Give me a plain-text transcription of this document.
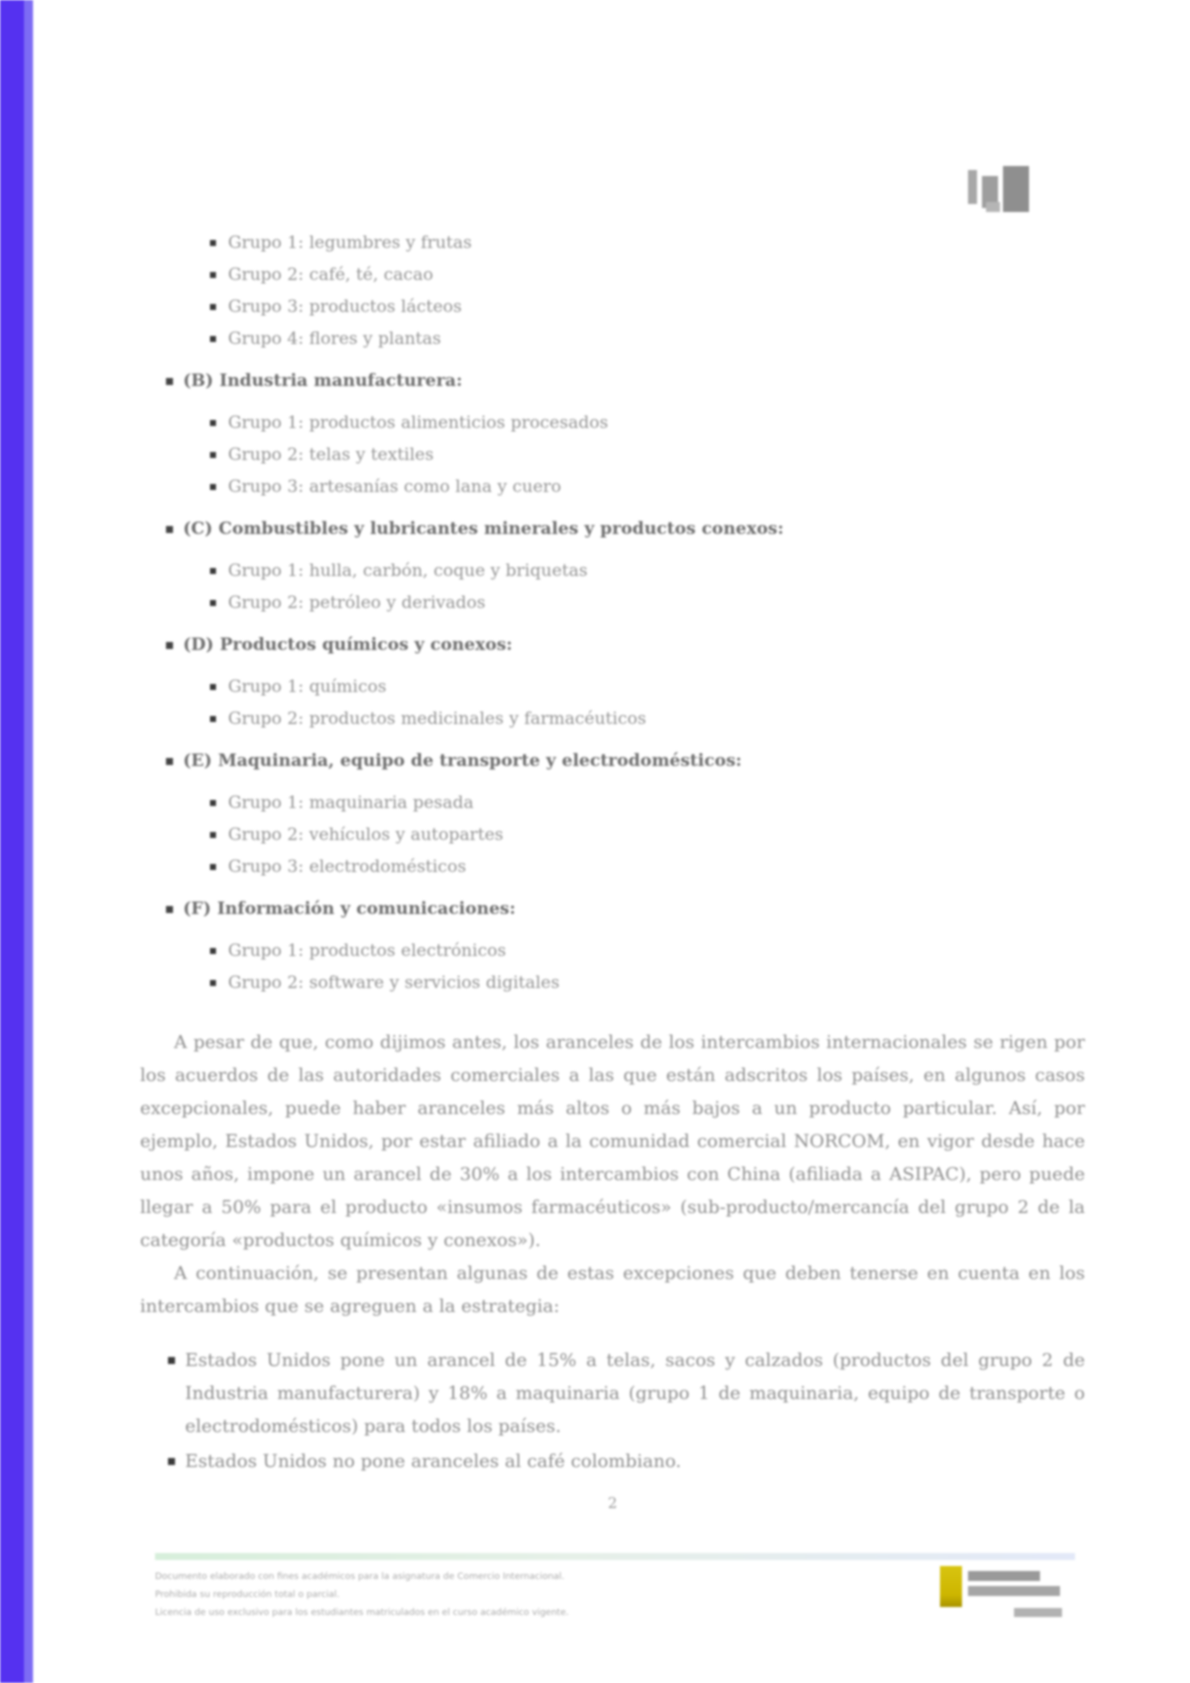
Grupo 1: legumbres y frutas
Grupo 2: café, té, cacao
Grupo 3: productos lácteos
Grupo 4: flores y plantas
(B) Industria manufacturera:
Grupo 1: productos alimenticios procesados
Grupo 2: telas y textiles
Grupo 3: artesanías como lana y cuero
(C) Combustibles y lubricantes minerales y productos conexos:
Grupo 1: hulla, carbón, coque y briquetas
Grupo 2: petróleo y derivados
(D) Productos químicos y conexos:
Grupo 1: químicos
Grupo 2: productos medicinales y farmacéuticos
(E) Maquinaria, equipo de transporte y electrodomésticos:
Grupo 1: maquinaria pesada
Grupo 2: vehículos y autopartes
Grupo 3: electrodomésticos
(F) Información y comunicaciones:
Grupo 1: productos electrónicos
Grupo 2: software y servicios digitales

A pesar de que, como dijimos antes, los aranceles de los intercambios internacionales se rigen por los acuerdos de las autoridades comerciales a las que están adscritos los países, en algunos casos excepcionales, puede haber aranceles más altos o más bajos a un producto particular. Así, por ejemplo, Estados Unidos, por estar afiliado a la comunidad comercial NORCOM, en vigor desde hace unos años, impone un arancel de 30% a los intercambios con China (afiliada a ASIPAC), pero puede llegar a 50% para el producto «insumos farmacéuticos» (sub-producto/mercancía del grupo 2 de la categoría «productos químicos y conexos»).

A continuación, se presentan algunas de estas excepciones que deben tenerse en cuenta en los intercambios que se agreguen a la estrategia:

Estados Unidos pone un arancel de 15% a telas, sacos y calzados (productos del grupo 2 de Industria manufacturera) y 18% a maquinaria (grupo 1 de maquinaria, equipo de transporte o electrodomésticos) para todos los países.
Estados Unidos no pone aranceles al café colombiano.
2
Documento elaborado con fines académicos para la asignatura de Comercio Internacional.
Prohibida su reproducción total o parcial.
Licencia de uso exclusivo para los estudiantes matriculados en el curso académico vigente.
